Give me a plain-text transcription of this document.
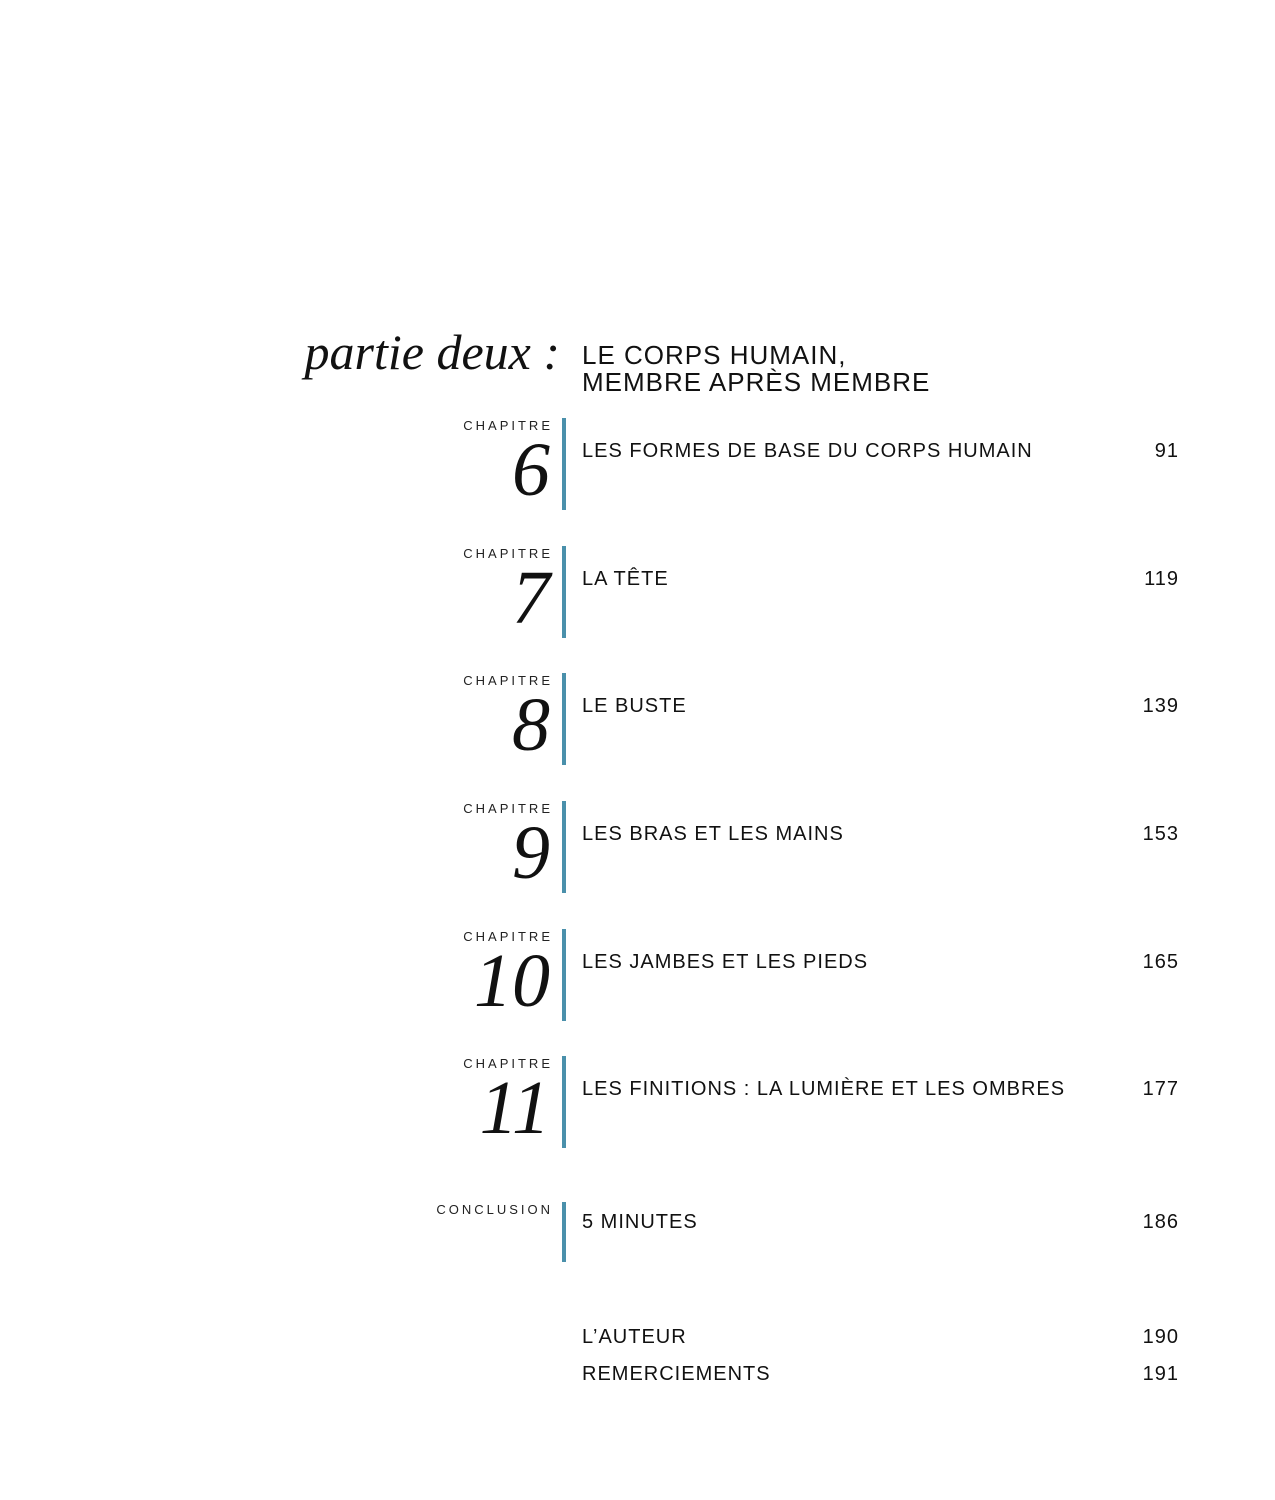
partie deux : LE CORPS HUMAIN,
MEMBRE APRÈS MEMBRE
CHAPITRE
6 LES FORMES DE BASE DU CORPS HUMAIN	91
CHAPITRE
7 LA TÊTE	119
CHAPITRE
8 LE BUSTE	139
CHAPITRE
9 LES BRAS ET LES MAINS	153
CHAPITRE
10 LES JAMBES ET LES PIEDS	165
CHAPITRE
11 LES FINITIONS : LA LUMIÈRE ET LES OMBRES	177
CONCLUSION
5 MINUTES	186
L’AUTEUR	190
REMERCIEMENTS	191
